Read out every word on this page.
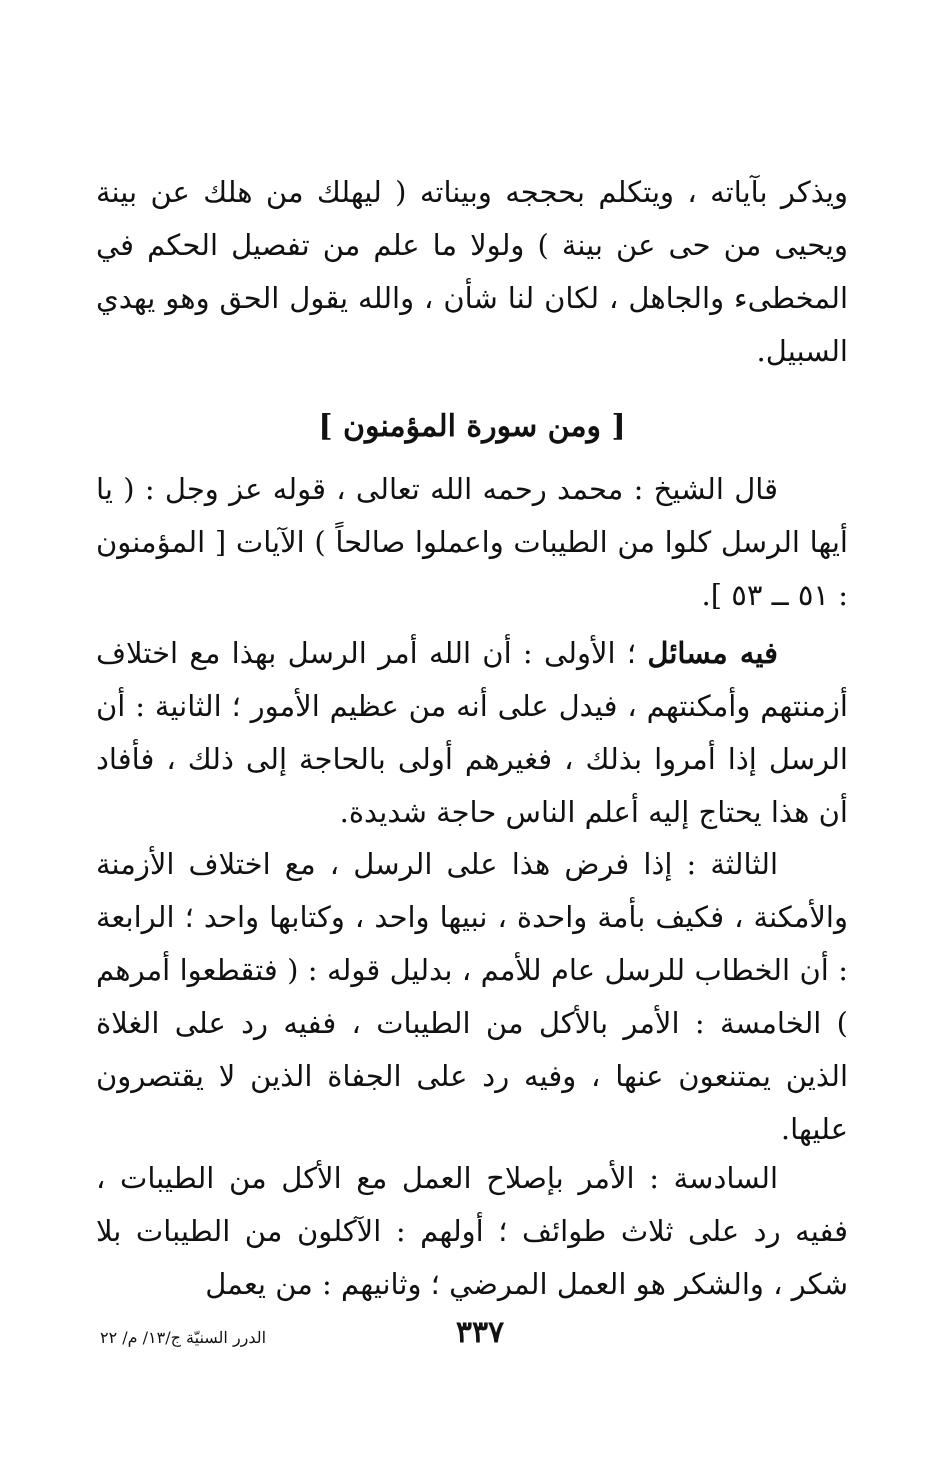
ويذكر بآياته ، ويتكلم بحججه وبيناته ( ليهلك من هلك عن بينة ويحيى من حى عن بينة ) ولولا ما علم من تفصيل الحكم في المخطىء والجاهل ، لكان لنا شأن ، والله يقول الحق وهو يهدي السبيل.

[ ومن سورة المؤمنون ]

قال الشيخ : محمد رحمه الله تعالى ، قوله عز وجل : ( يا أيها الرسل كلوا من الطيبات واعملوا صالحاً ) الآيات [ المؤمنون : ٥١ ــ ٥٣ ].

فيه مسائل ؛ الأولى : أن الله أمر الرسل بهذا مع اختلاف أزمنتهم وأمكنتهم ، فيدل على أنه من عظيم الأمور ؛ الثانية : أن الرسل إذا أمروا بذلك ، فغيرهم أولى بالحاجة إلى ذلك ، فأفاد أن هذا يحتاج إليه أعلم الناس حاجة شديدة.

الثالثة : إذا فرض هذا على الرسل ، مع اختلاف الأزمنة والأمكنة ، فكيف بأمة واحدة ، نبيها واحد ، وكتابها واحد ؛ الرابعة : أن الخطاب للرسل عام للأمم ، بدليل قوله : ( فتقطعوا أمرهم ) الخامسة : الأمر بالأكل من الطيبات ، ففيه رد على الغلاة الذين يمتنعون عنها ، وفيه رد على الجفاة الذين لا يقتصرون عليها.

السادسة : الأمر بإصلاح العمل مع الأكل من الطيبات ، ففيه رد على ثلاث طوائف ؛ أولهم : الآكلون من الطيبات بلا شكر ، والشكر هو العمل المرضي ؛ وثانيهم : من يعمل

٣٣٧
الدرر السنيّة ج/١٣/ م/ ٢٢
